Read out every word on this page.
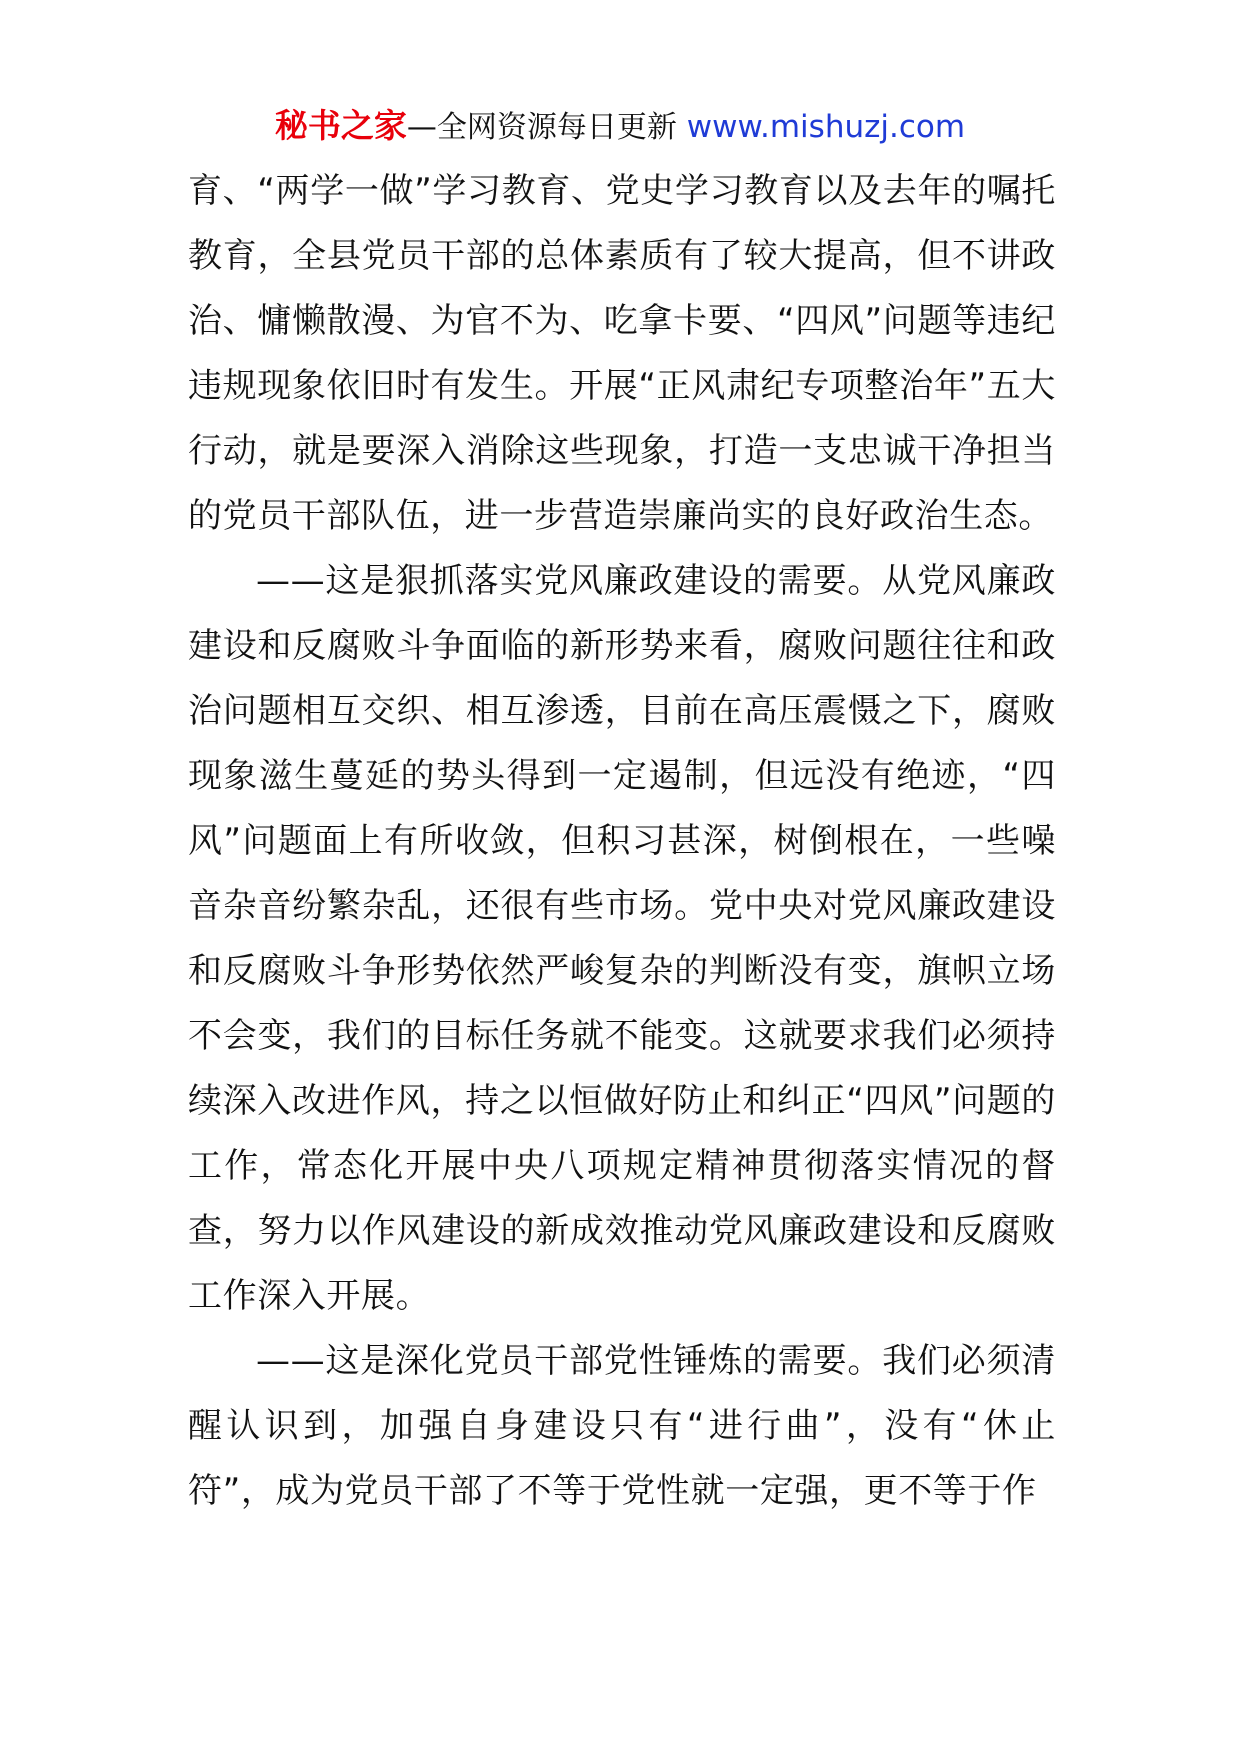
秘书之家—全网资源每日更新 www.mishuzj.com

育、“两学一做”学习教育、党史学习教育以及去年的嘱托教育，全县党员干部的总体素质有了较大提高，但不讲政治、慵懒散漫、为官不为、吃拿卡要、“四风”问题等违纪违规现象依旧时有发生。开展“正风肃纪专项整治年”五大行动，就是要深入消除这些现象，打造一支忠诚干净担当的党员干部队伍，进一步营造崇廉尚实的良好政治生态。

——这是狠抓落实党风廉政建设的需要。从党风廉政建设和反腐败斗争面临的新形势来看，腐败问题往往和政治问题相互交织、相互渗透，目前在高压震慑之下，腐败现象滋生蔓延的势头得到一定遏制，但远没有绝迹，“四风”问题面上有所收敛，但积习甚深，树倒根在，一些噪音杂音纷繁杂乱，还很有些市场。党中央对党风廉政建设和反腐败斗争形势依然严峻复杂的判断没有变，旗帜立场不会变，我们的目标任务就不能变。这就要求我们必须持续深入改进作风，持之以恒做好防止和纠正“四风”问题的工作，常态化开展中央八项规定精神贯彻落实情况的督查，努力以作风建设的新成效推动党风廉政建设和反腐败工作深入开展。

——这是深化党员干部党性锤炼的需要。我们必须清醒认识到，加强自身建设只有“进行曲”，没有“休止符”，成为党员干部了不等于党性就一定强，更不等于作
